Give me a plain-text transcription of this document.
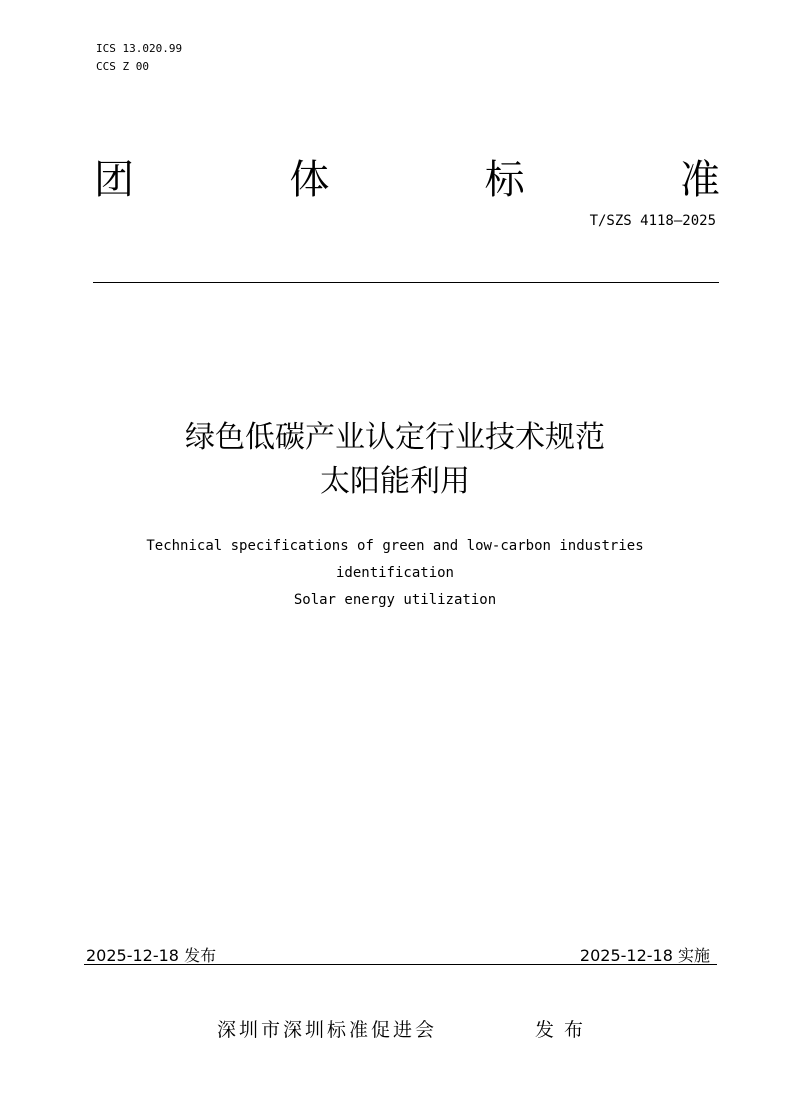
ICS 13.020.99
CCS Z 00
团	体	标	准
T/SZS 4118—2025
绿色低碳产业认定行业技术规范
太阳能利用
Technical specifications of green and low-carbon industries
identification
Solar energy utilization
2025-12-18 发布	2025-12-18 实施
深圳市深圳标准促进会	发布
